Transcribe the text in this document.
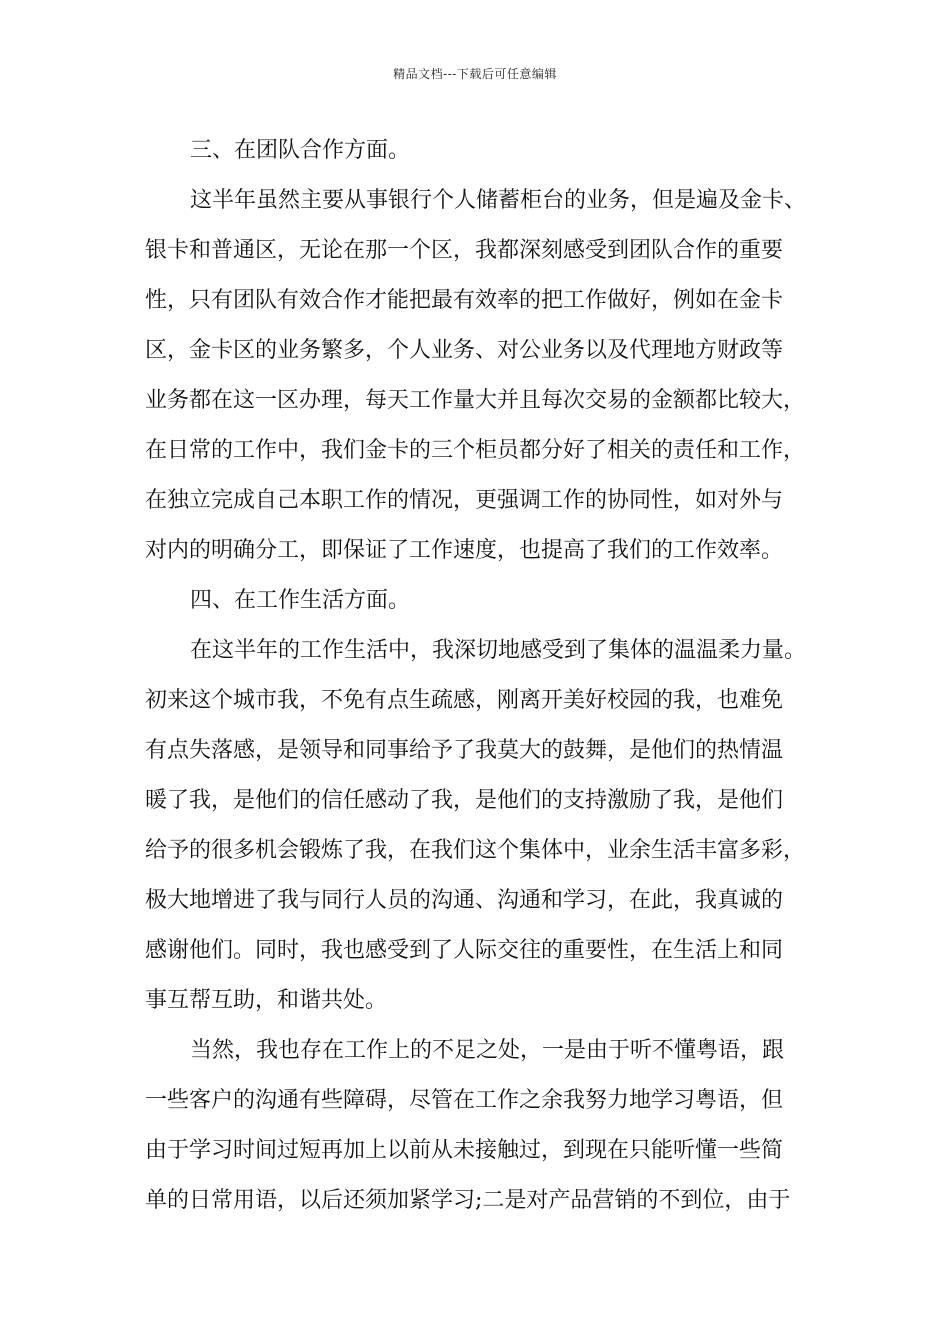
精品文档---下载后可任意编辑
三、在团队合作方面。
这半年虽然主要从事银行个人储蓄柜台的业务，但是遍及金卡、
银卡和普通区，无论在那一个区，我都深刻感受到团队合作的重要
性，只有团队有效合作才能把最有效率的把工作做好，例如在金卡
区，金卡区的业务繁多，个人业务、对公业务以及代理地方财政等
业务都在这一区办理，每天工作量大并且每次交易的金额都比较大，
在日常的工作中，我们金卡的三个柜员都分好了相关的责任和工作，
在独立完成自己本职工作的情况，更强调工作的协同性，如对外与
对内的明确分工，即保证了工作速度，也提高了我们的工作效率。
四、在工作生活方面。
在这半年的工作生活中，我深切地感受到了集体的温温柔力量。
初来这个城市我，不免有点生疏感，刚离开美好校园的我，也难免
有点失落感，是领导和同事给予了我莫大的鼓舞，是他们的热情温
暖了我，是他们的信任感动了我，是他们的支持激励了我，是他们
给予的很多机会锻炼了我，在我们这个集体中，业余生活丰富多彩，
极大地增进了我与同行人员的沟通、沟通和学习，在此，我真诚的
感谢他们。同时，我也感受到了人际交往的重要性，在生活上和同
事互帮互助，和谐共处。
当然，我也存在工作上的不足之处，一是由于听不懂粤语，跟
一些客户的沟通有些障碍，尽管在工作之余我努力地学习粤语，但
由于学习时间过短再加上以前从未接触过，到现在只能听懂一些简
单的日常用语，以后还须加紧学习;二是对产品营销的不到位，由于
